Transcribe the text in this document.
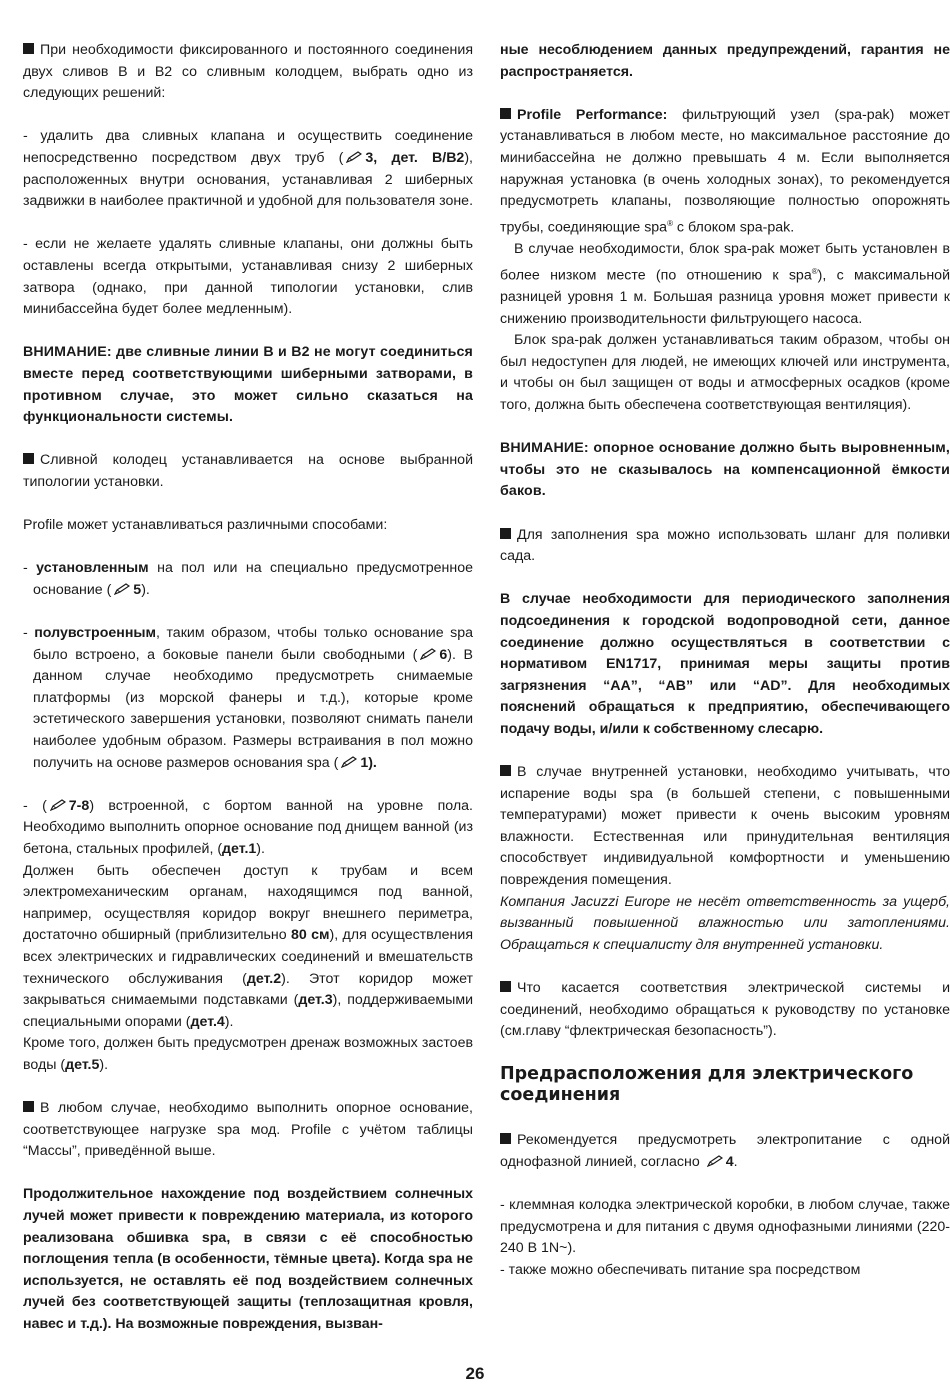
При необходимости фиксированного и постоянного соединения двух сливов B и B2 со сливным колодцем, выбрать одно из следующих решений:

- удалить два сливных клапана и осуществить соединение непосредственно посредством двух труб ( 3, дет. B/B2), расположенных внутри основания, устанавливая 2 шиберных задвижки в наиболее практичной и удобной для пользователя зоне.

- если не желаете удалять сливные клапаны, они должны быть оставлены всегда открытыми, устанавливая снизу 2 шиберных затвора (однако, при данной типологии установки, слив минибассейна будет более медленным).

ВНИМАНИЕ: две сливные линии B и B2 не могут соединиться вместе перед соответствующими шиберными затворами, в противном случае, это может сильно сказаться на функциональности системы.

Сливной колодец устанавливается на основе выбранной типологии установки.

Profile может устанавливаться различными способами:

- установленным на пол или на специально предусмотренное основание ( 5).

- полувстроенным, таким образом, чтобы только основание spa было встроено, а боковые панели были свободными ( 6). В данном случае необходимо предусмотреть снимаемые платформы (из морской фанеры и т.д.), которые кроме эстетического завершения установки, позволяют снимать панели наиболее удобным образом. Размеры встраивания в пол можно получить на основе размеров основания spa ( 1).

- ( 7-8) встроенной, с бортом ванной на уровне пола. Необходимо выполнить опорное основание под днищем ванной (из бетона, стальных профилей, (дет.1).

Должен быть обеспечен доступ к трубам и всем электромеханическим органам, находящимся под ванной, например, осуществляя коридор вокруг внешнего периметра, достаточно обширный (приблизительно 80 см), для осуществления всех электрических и гидравлических соединений и вмешательств технического обслуживания (дет.2). Этот коридор может закрываться снимаемыми подставками (дет.3), поддерживаемыми специальными опорами (дет.4).

Кроме того, должен быть предусмотрен дренаж возможных застоев воды (дет.5).

В любом случае, необходимо выполнить опорное основание, соответствующее нагрузке spa мод. Profile с учётом таблицы “Массы”, приведённой выше.

Продолжительное нахождение под воздействием солнечных лучей может привести к повреждению материала, из которого реализована обшивка spa, в связи с её способностью поглощения тепла (в особенности, тёмные цвета). Когда spa не используется, не оставлять её под воздействием солнечных лучей без соответствующей защиты (теплозащитная кровля, навес и т.д.). На возможные повреждения, вызван-

ные несоблюдением данных предупреждений, гарантия не распространяется.

Profile Performance: фильтрующий узел (spa-pak) может устанавливаться в любом месте, но максимальное расстояние до минибассейна не должно превышать 4 м. Если выполняется наружная установка (в очень холодных зонах), то рекомендуется предусмотреть клапаны, позволяющие полностью опорожнять трубы, соединяющие spa® с блоком spa-pak.

В случае необходимости, блок spa-pak может быть установлен в более низком месте (по отношению к spa®), с максимальной разницей уровня 1 м. Большая разница уровня может привести к снижению производительности фильтрующего насоса.

Блок spa-pak должен устанавливаться таким образом, чтобы он был недоступен для людей, не имеющих ключей или инструмента, и чтобы он был защищен от воды и атмосферных осадков (кроме того, должна быть обеспечена соответствующая вентиляция).

ВНИМАНИЕ: опорное основание должно быть выровненным, чтобы это не сказывалось на компенсационной ёмкости баков.

Для заполнения spa можно использовать шланг для поливки сада.

В случае необходимости для периодического заполнения подсоединения к городской водопроводной сети, данное соединение должно осуществляться в соответствии с нормативом EN1717, принимая меры защиты против загрязнения “AA”, “AB” или “AD”. Для необходимых пояснений обращаться к предприятию, обеспечивающего подачу воды, и/или к собственному слесарю.

В случае внутренней установки, необходимо учитывать, что испарение воды spa (в большей степени, с повышенными температурами) может привести к очень высоким уровням влажности. Естественная или принудительная вентиляция способствует индивидуальной комфортности и уменьшению повреждения помещения.

Компания Jacuzzi Europe не несёт ответственность за ущерб, вызванный повышенной влажностью или затоплениями. Обращаться к специалисту для внутренней установки.

Что касается соответствия электрической системы и соединений, необходимо обращаться к руководству по установке (см.главу “флектрическая безопасность”).

Предрасположения для электрического соединения

Рекомендуется предусмотреть электропитание с одной однофазной линией, согласно 4.

- клеммная колодка электрической коробки, в любом случае, также предусмотрена и для питания с двумя однофазными линиями (220-240 В 1N~).

- также можно обеспечивать питание spa посредством

26
